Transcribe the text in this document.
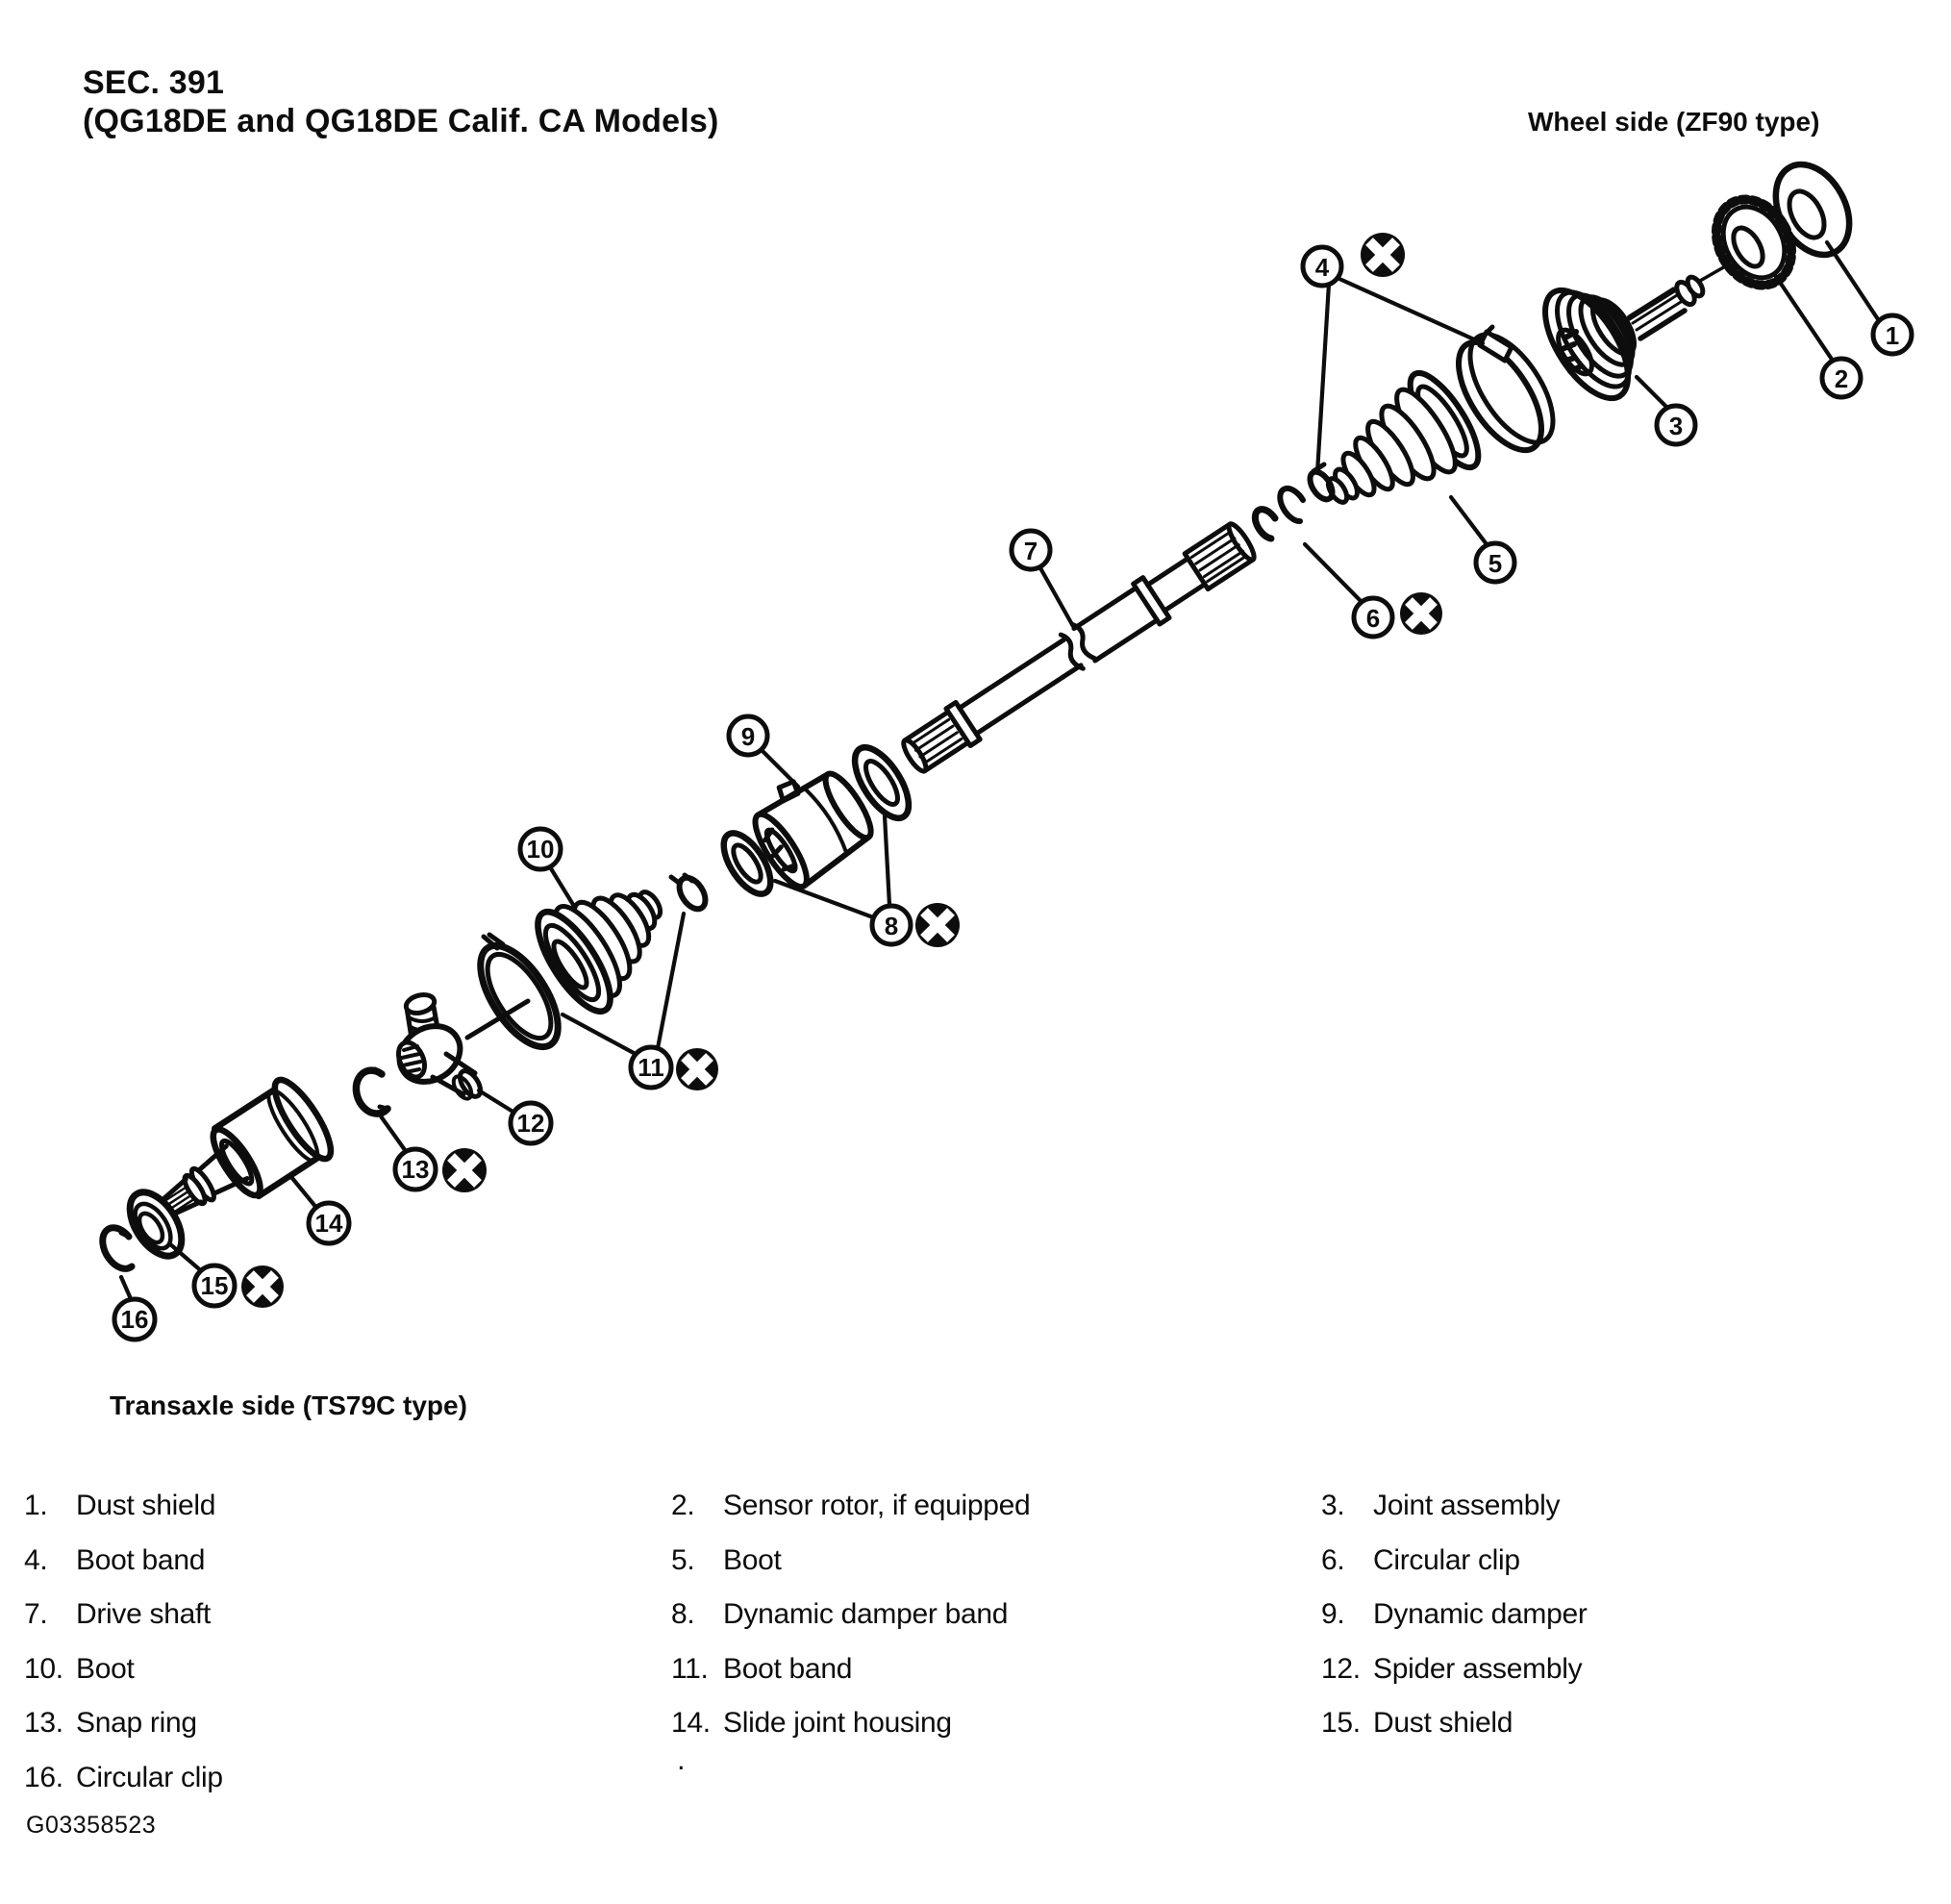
SEC. 391
(QG18DE and QG18DE Calif. CA Models)	Wheel side (ZF90 type)
Transaxle side (TS79C type)
1
2
3
4
5
6
7
8
9
10
11
12
13
14
15
16
1. Dust shield
4. Boot band
7. Drive shaft
10. Boot
13. Snap ring
16. Circular clip
2. Sensor rotor, if equipped
5. Boot
8. Dynamic damper band
11. Boot band
14. Slide joint housing
3. Joint assembly
6. Circular clip
9. Dynamic damper
12. Spider assembly
15. Dust shield
.
G03358523
